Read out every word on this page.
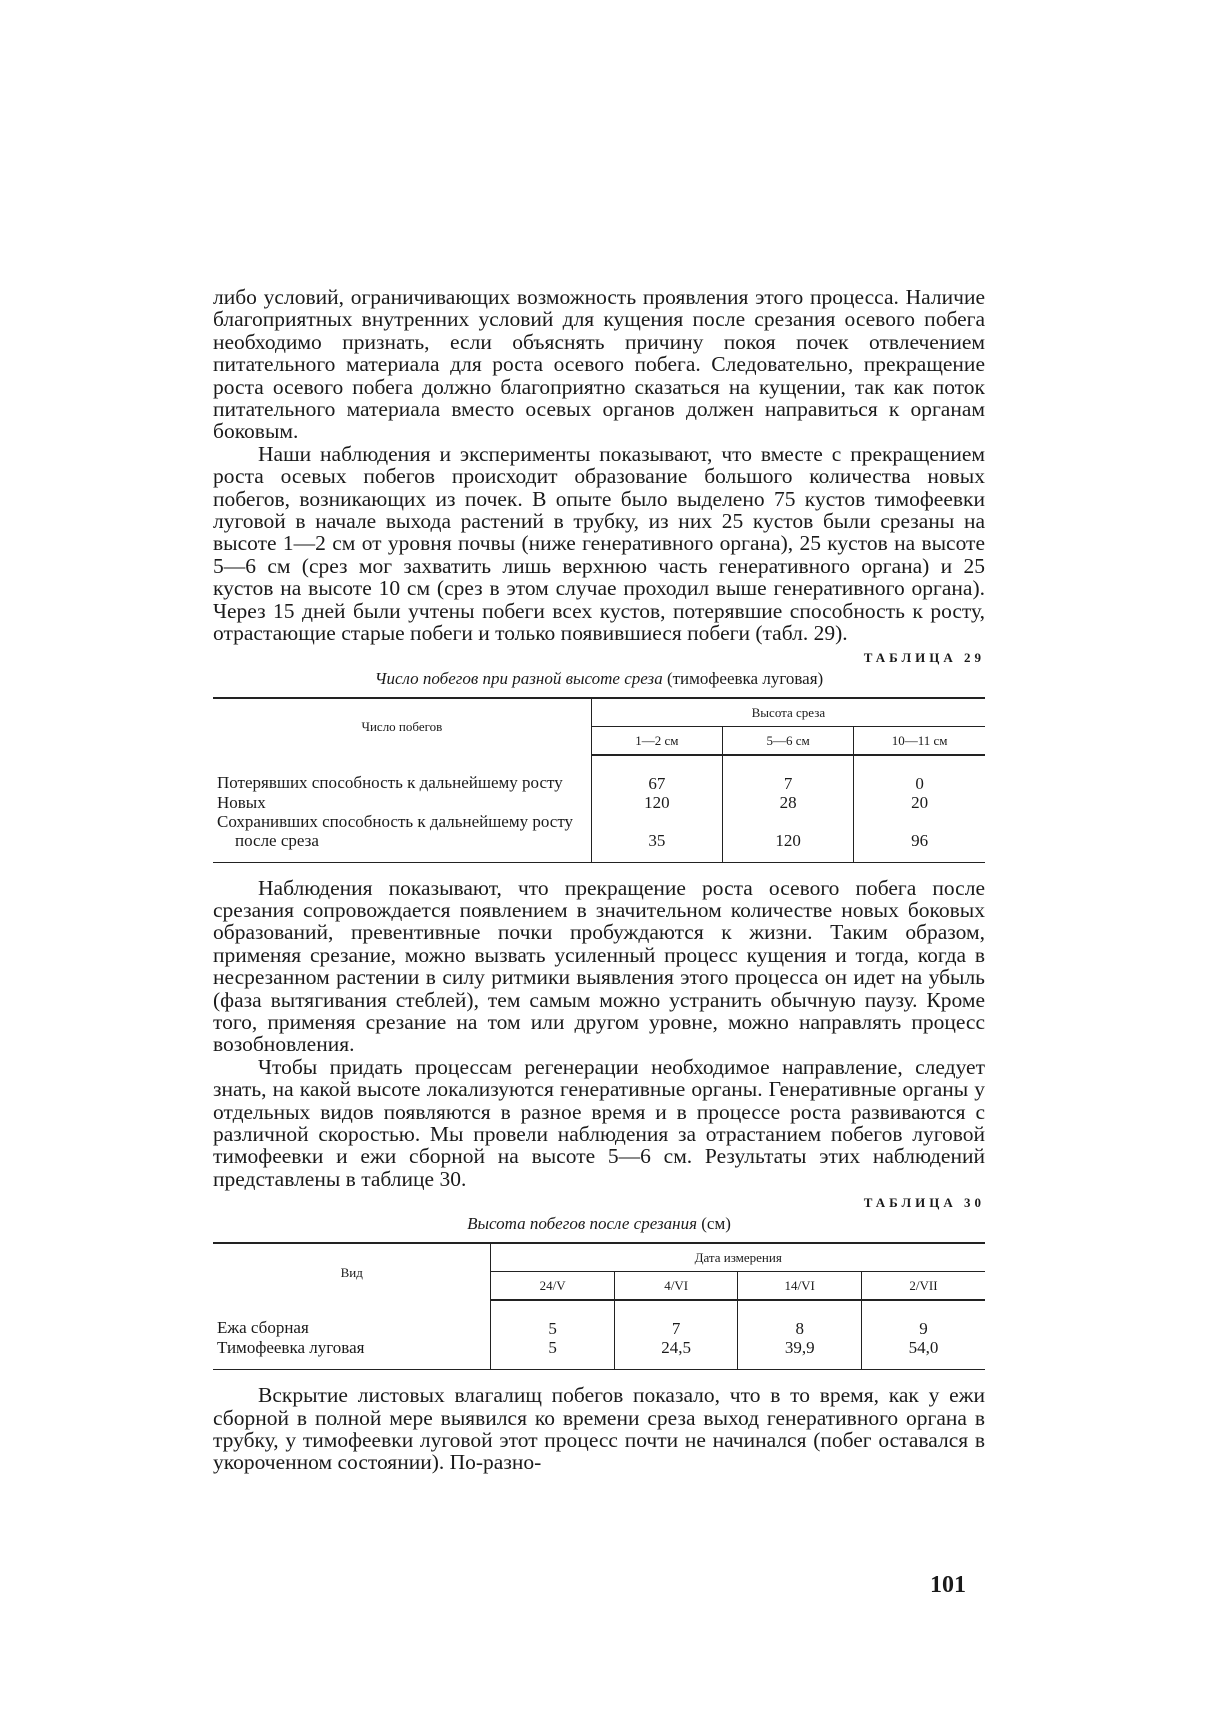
либо условий, ограничивающих возможность проявления этого процесса. Наличие благоприятных внутренних условий для кущения после срезания осевого побега необходимо признать, если объяснять причину покоя почек отвлечением питательного материала для роста осевого побега. Следовательно, прекращение роста осевого побега должно благоприятно сказаться на кущении, так как поток питательного материала вместо осевых органов должен направиться к органам боковым.

Наши наблюдения и эксперименты показывают, что вместе с прекращением роста осевых побегов происходит образование большого количества новых побегов, возникающих из почек. В опыте было выделено 75 кустов тимофеевки луговой в начале выхода растений в трубку, из них 25 кустов были срезаны на высоте 1—2 см от уровня почвы (ниже генеративного органа), 25 кустов на высоте 5—6 см (срез мог захватить лишь верхнюю часть генеративного органа) и 25 кустов на высоте 10 см (срез в этом случае проходил выше генеративного органа). Через 15 дней были учтены побеги всех кустов, потерявшие способность к росту, отрастающие старые побеги и только появившиеся побеги (табл. 29).

ТАБЛИЦА 29
Число побегов при разной высоте среза (тимофеевка луговая)
Число побегов	Высота среза		
	1—2 см	5—6 см	10—11 см
Потерявших способность к дальнейшему росту	67	7	0
Новых	120	28	20
Сохранивших способность к дальнейшему росту
после среза	35	120	96

Наблюдения показывают, что прекращение роста осевого побега после срезания сопровождается появлением в значительном количестве новых боковых образований, превентивные почки пробуждаются к жизни. Таким образом, применяя срезание, можно вызвать усиленный процесс кущения и тогда, когда в несрезанном растении в силу ритмики выявления этого процесса он идет на убыль (фаза вытягивания стеблей), тем самым можно устранить обычную паузу. Кроме того, применяя срезание на том или другом уровне, можно направлять процесс возобновления.

Чтобы придать процессам регенерации необходимое направление, следует знать, на какой высоте локализуются генеративные органы. Генеративные органы у отдельных видов появляются в разное время и в процессе роста развиваются с различной скоростью. Мы провели наблюдения за отрастанием побегов луговой тимофеевки и ежи сборной на высоте 5—6 см. Результаты этих наблюдений представлены в таблице 30.

ТАБЛИЦА 30
Высота побегов после срезания (см)
Вид	Дата измерения			
	24/V	4/VI	14/VI	2/VII
Ежа сборная	5	7	8	9
Тимофеевка луговая	5	24,5	39,9	54,0

Вскрытие листовых влагалищ побегов показало, что в то время, как у ежи сборной в полной мере выявился ко времени среза выход генеративного органа в трубку, у тимофеевки луговой этот процесс почти не начинался (побег оставался в укороченном состоянии). По-разно-

101
